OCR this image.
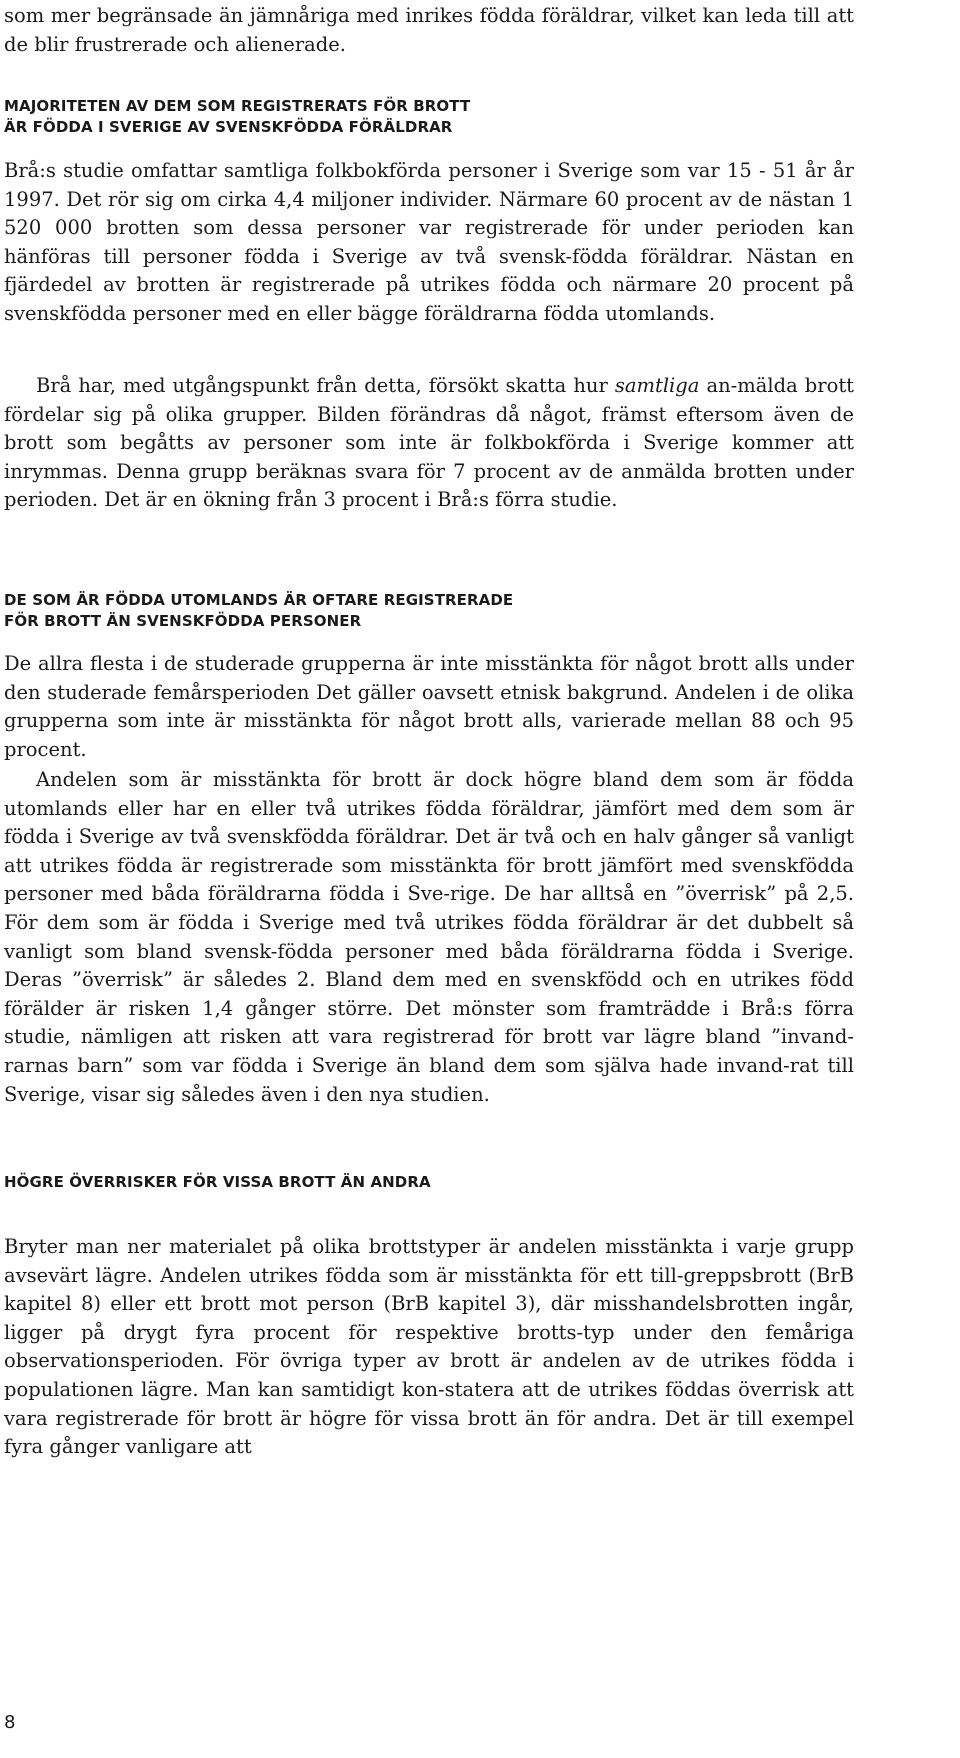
som mer begränsade än jämnåriga med inrikes födda föräldrar, vilket kan leda till att de blir frustrerade och alienerade.

MAJORITETEN AV DEM SOM REGISTRERATS FÖR BROTT
ÄR FÖDDA I SVERIGE AV SVENSKFÖDDA FÖRÄLDRAR

Brå:s studie omfattar samtliga folkbokförda personer i Sverige som var 15 - 51 år år 1997. Det rör sig om cirka 4,4 miljoner individer. Närmare 60 procent av de nästan 1 520 000 brotten som dessa personer var registrerade för under perioden kan hänföras till personer födda i Sverige av två svensk-födda föräldrar. Nästan en fjärdedel av brotten är registrerade på utrikes födda och närmare 20 procent på svenskfödda personer med en eller bägge föräldrarna födda utomlands.

Brå har, med utgångspunkt från detta, försökt skatta hur samtliga an-mälda brott fördelar sig på olika grupper. Bilden förändras då något, främst eftersom även de brott som begåtts av personer som inte är folkbokförda i Sverige kommer att inrymmas. Denna grupp beräknas svara för 7 procent av de anmälda brotten under perioden. Det är en ökning från 3 procent i Brå:s förra studie.

DE SOM ÄR FÖDDA UTOMLANDS ÄR OFTARE REGISTRERADE
FÖR BROTT ÄN SVENSKFÖDDA PERSONER

De allra flesta i de studerade grupperna är inte misstänkta för något brott alls under den studerade femårsperioden Det gäller oavsett etnisk bakgrund. Andelen i de olika grupperna som inte är misstänkta för något brott alls, varierade mellan 88 och 95 procent.

Andelen som är misstänkta för brott är dock högre bland dem som är födda utomlands eller har en eller två utrikes födda föräldrar, jämfört med dem som är födda i Sverige av två svenskfödda föräldrar. Det är två och en halv gånger så vanligt att utrikes födda är registrerade som misstänkta för brott jämfört med svenskfödda personer med båda föräldrarna födda i Sve-rige. De har alltså en ”överrisk” på 2,5. För dem som är födda i Sverige med två utrikes födda föräldrar är det dubbelt så vanligt som bland svensk-födda personer med båda föräldrarna födda i Sverige. Deras ”överrisk” är således 2. Bland dem med en svenskfödd och en utrikes född förälder är risken 1,4 gånger större. Det mönster som framträdde i Brå:s förra studie, nämligen att risken att vara registrerad för brott var lägre bland ”invand-rarnas barn” som var födda i Sverige än bland dem som själva hade invand-rat till Sverige, visar sig således även i den nya studien.

HÖGRE ÖVERRISKER FÖR VISSA BROTT ÄN ANDRA

Bryter man ner materialet på olika brottstyper är andelen misstänkta i varje grupp avsevärt lägre. Andelen utrikes födda som är misstänkta för ett till-greppsbrott (BrB kapitel 8) eller ett brott mot person (BrB kapitel 3), där misshandelsbrotten ingår, ligger på drygt fyra procent för respektive brotts-typ under den femåriga observationsperioden. För övriga typer av brott är andelen av de utrikes födda i populationen lägre. Man kan samtidigt kon-statera att de utrikes föddas överrisk att vara registrerade för brott är högre för vissa brott än för andra. Det är till exempel fyra gånger vanligare att

8
